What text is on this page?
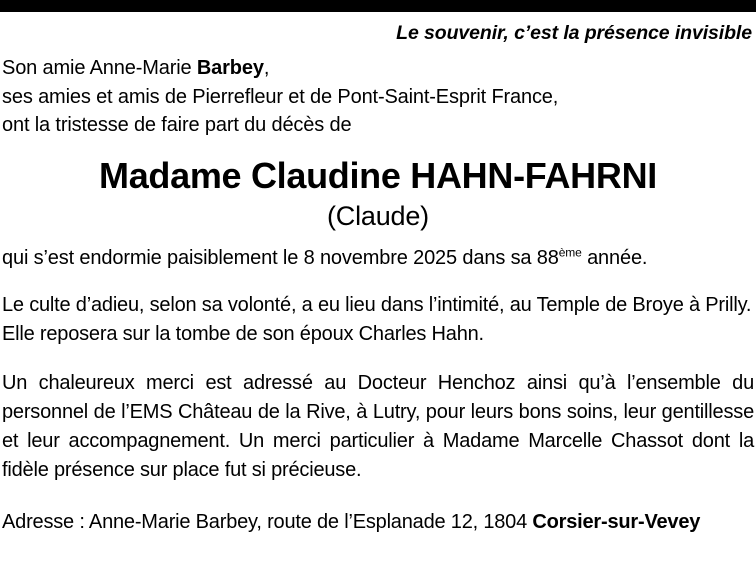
Le souvenir, c’est la présence invisible
Son amie Anne-Marie Barbey,
ses amies et amis de Pierrefleur et de Pont-Saint-Esprit France,
ont la tristesse de faire part du décès de
Madame Claudine HAHN-FAHRNI
(Claude)
qui s’est endormie paisiblement le 8 novembre 2025 dans sa 88ème année.
Le culte d’adieu, selon sa volonté, a eu lieu dans l’intimité, au Temple de Broye à Prilly. Elle reposera sur la tombe de son époux Charles Hahn.
Un chaleureux merci est adressé au Docteur Henchoz ainsi qu’à l’ensemble du personnel de l’EMS Château de la Rive, à Lutry, pour leurs bons soins, leur gentillesse et leur accompagnement. Un merci particulier à Madame Marcelle Chassot dont la fidèle présence sur place fut si précieuse.
Adresse : Anne-Marie Barbey, route de l’Esplanade 12, 1804 Corsier-sur-Vevey
